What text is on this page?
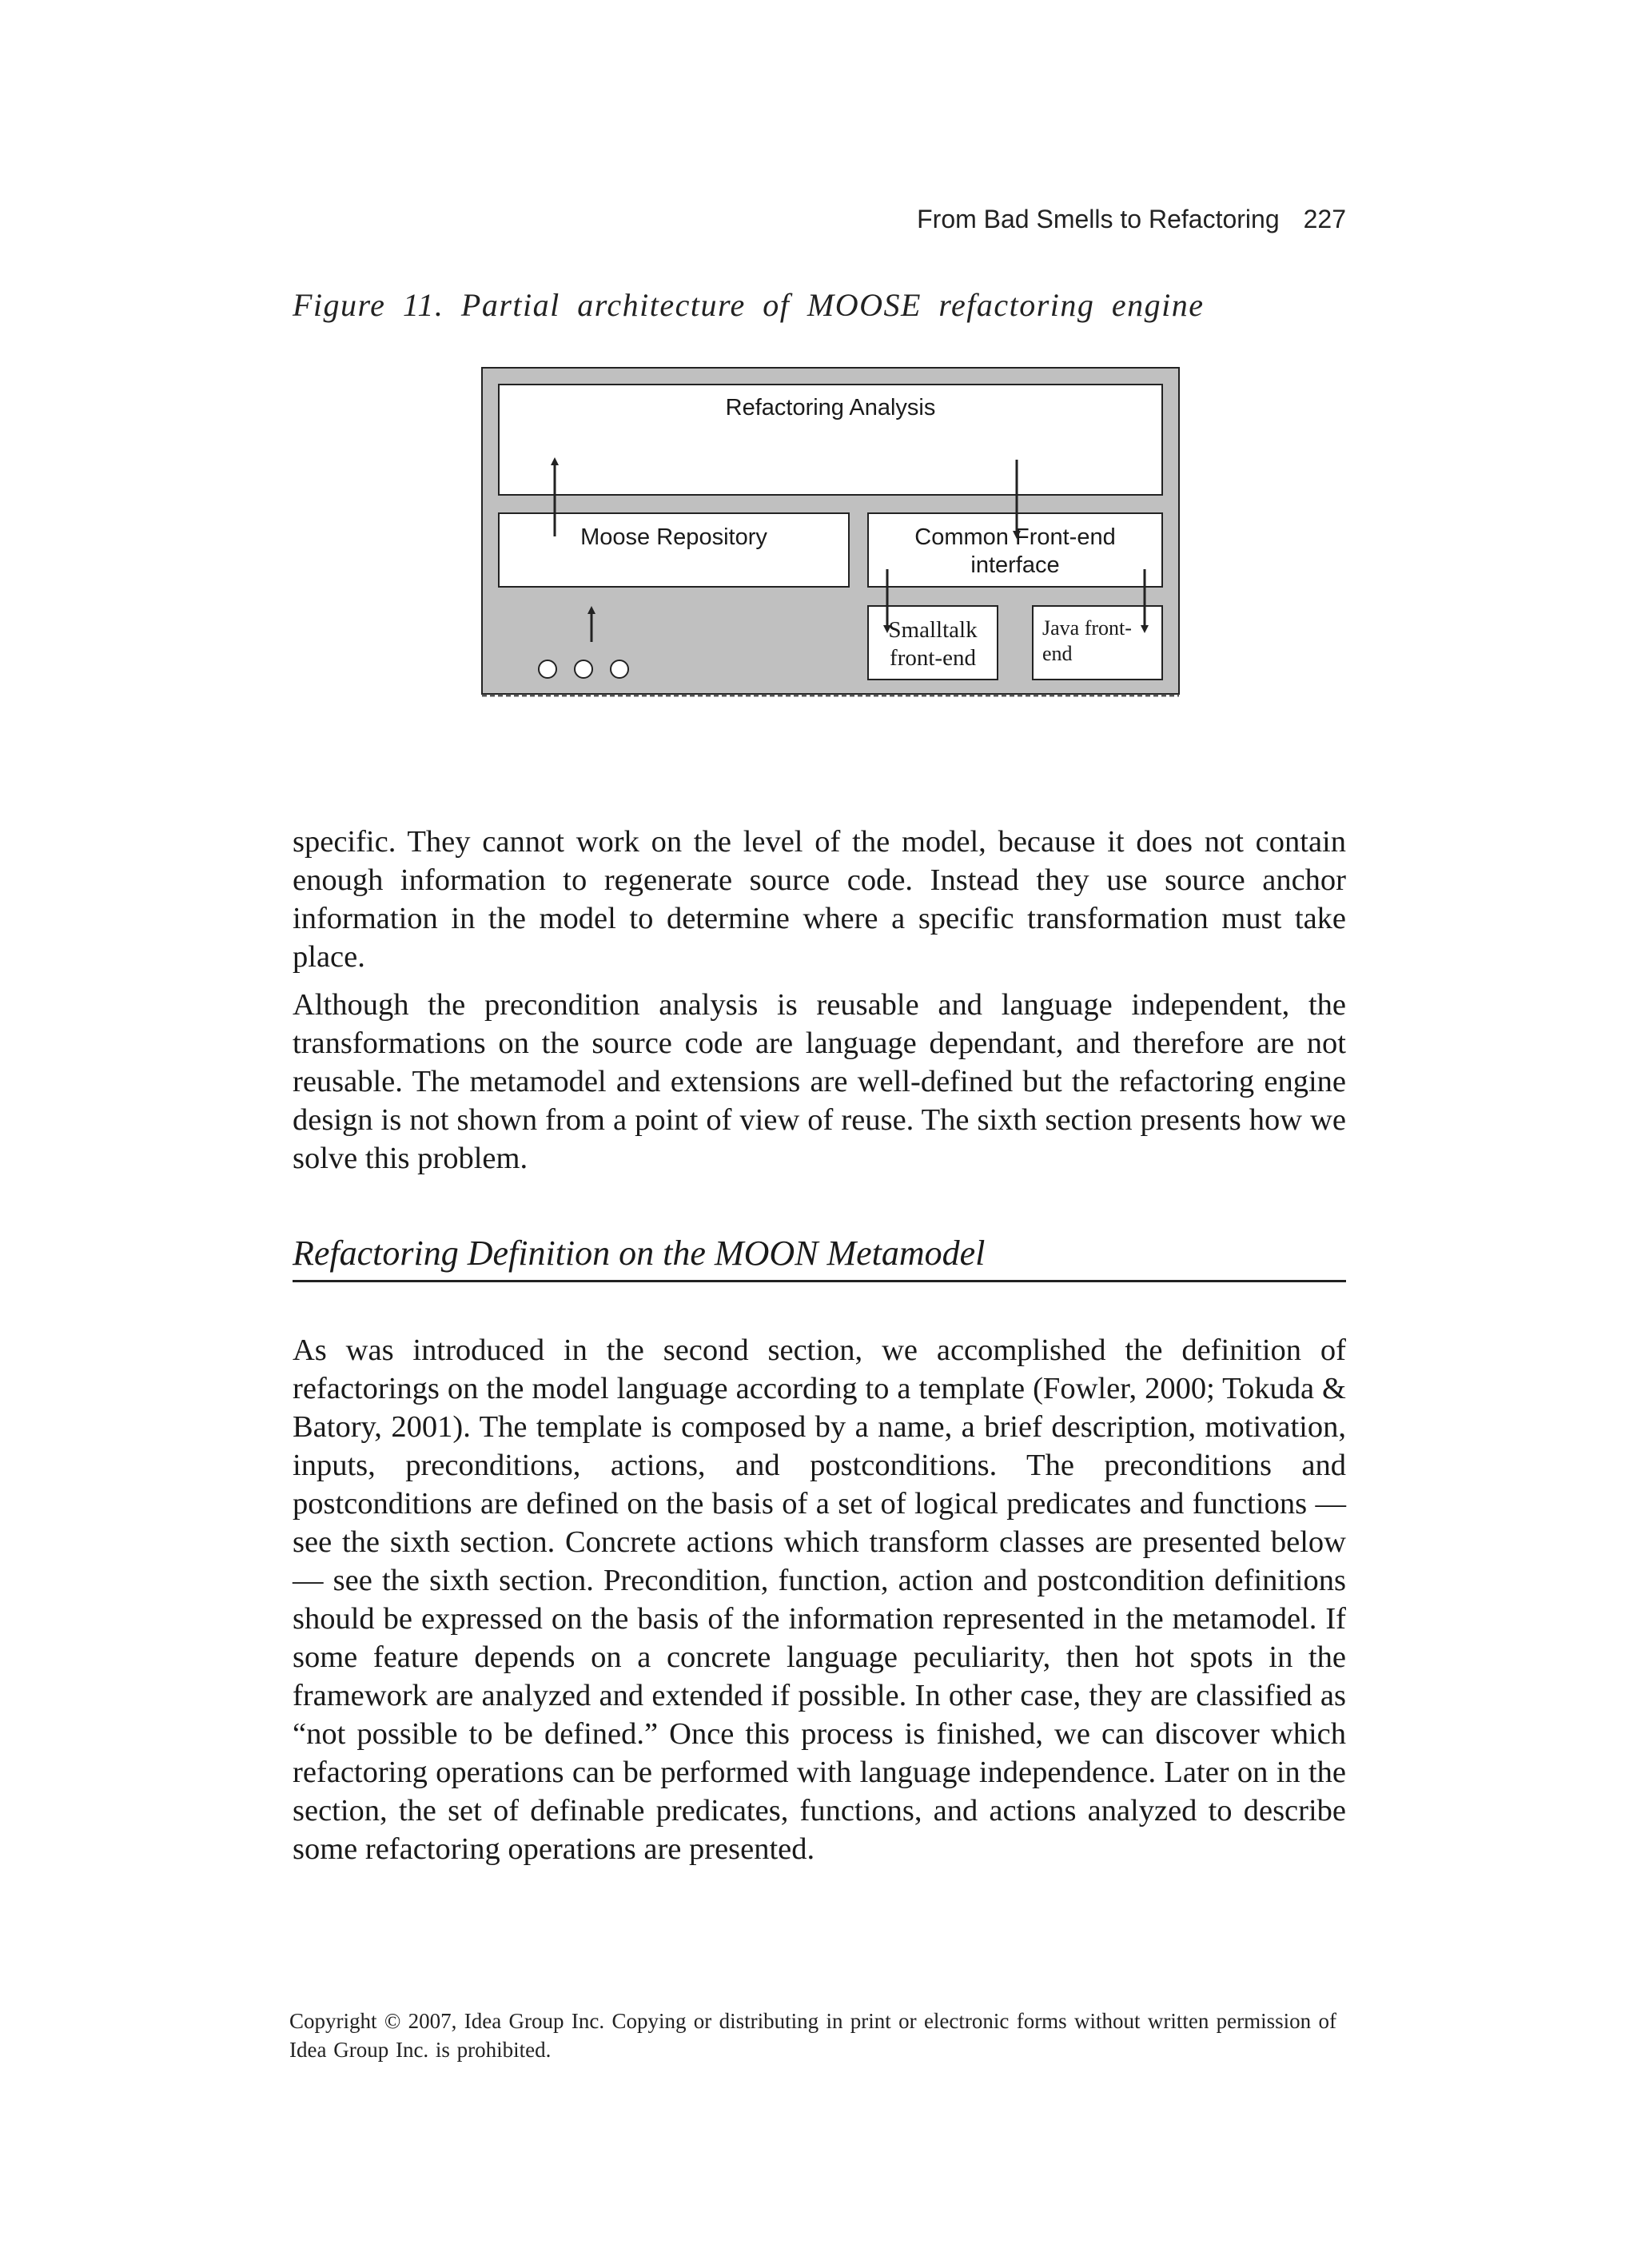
From Bad Smells to Refactoring 227
Figure 11. Partial architecture of MOOSE refactoring engine
Refactoring Analysis
Moose Repository	Common Front-end
interface
Smalltalk
front-end
Java front-
end

specific. They cannot work on the level of the model, because it does not contain enough information to regenerate source code. Instead they use source anchor information in the model to determine where a specific transformation must take place.

Although the precondition analysis is reusable and language independent, the transformations on the source code are language dependant, and therefore are not reusable. The metamodel and extensions are well-defined but the refactoring engine design is not shown from a point of view of reuse. The sixth section presents how we solve this problem.

Refactoring Definition on the MOON Metamodel

As was introduced in the second section, we accomplished the definition of refactorings on the model language according to a template (Fowler, 2000; Tokuda & Batory, 2001). The template is composed by a name, a brief description, motivation, inputs, preconditions, actions, and postconditions. The preconditions and postconditions are defined on the basis of a set of logical predicates and functions — see the sixth section. Concrete actions which transform classes are presented below — see the sixth section. Precondition, function, action and postcondition definitions should be expressed on the basis of the information represented in the metamodel. If some feature depends on a concrete language peculiarity, then hot spots in the framework are analyzed and extended if possible. In other case, they are classified as “not possible to be defined.” Once this process is finished, we can discover which refactoring operations can be performed with language independence. Later on in the section, the set of definable predicates, functions, and actions analyzed to describe some refactoring operations are presented.

Copyright © 2007, Idea Group Inc. Copying or distributing in print or electronic forms without written permission of Idea Group Inc. is prohibited.
